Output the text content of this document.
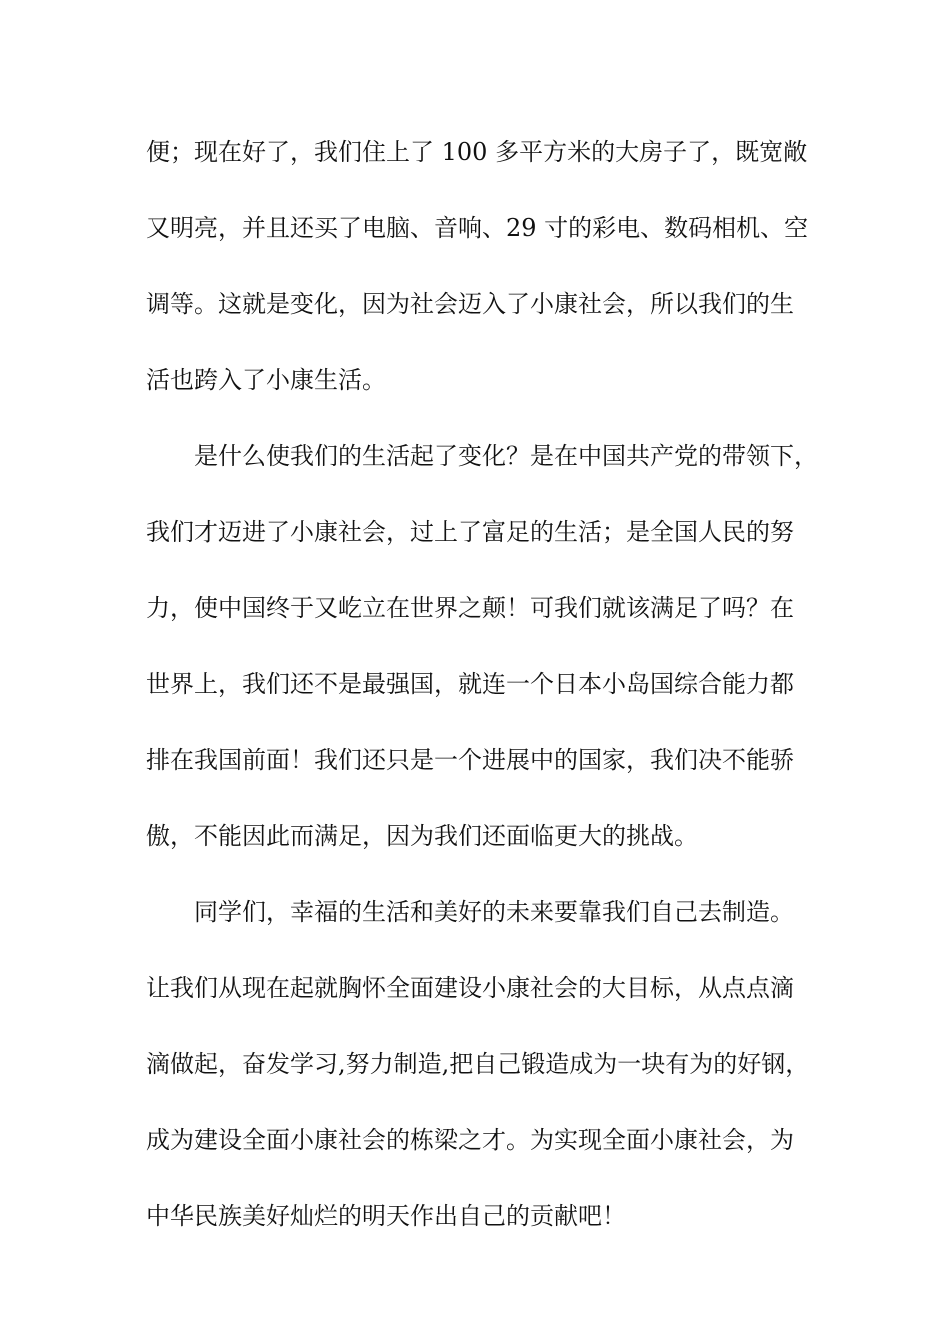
便；现在好了，我们住上了 100 多平方米的大房子了，既宽敞
又明亮，并且还买了电脑、音响、29 寸的彩电、数码相机、空
调等。这就是变化，因为社会迈入了小康社会，所以我们的生
活也跨入了小康生活。
是什么使我们的生活起了变化？是在中国共产党的带领下，
我们才迈进了小康社会，过上了富足的生活；是全国人民的努
力，使中国终于又屹立在世界之颠！可我们就该满足了吗？在
世界上，我们还不是最强国，就连一个日本小岛国综合能力都
排在我国前面！我们还只是一个进展中的国家，我们决不能骄
傲，不能因此而满足，因为我们还面临更大的挑战。
同学们，幸福的生活和美好的未来要靠我们自己去制造。
让我们从现在起就胸怀全面建设小康社会的大目标，从点点滴
滴做起，奋发学习,努力制造,把自己锻造成为一块有为的好钢，
成为建设全面小康社会的栋梁之才。为实现全面小康社会，为
中华民族美好灿烂的明天作出自己的贡献吧！
